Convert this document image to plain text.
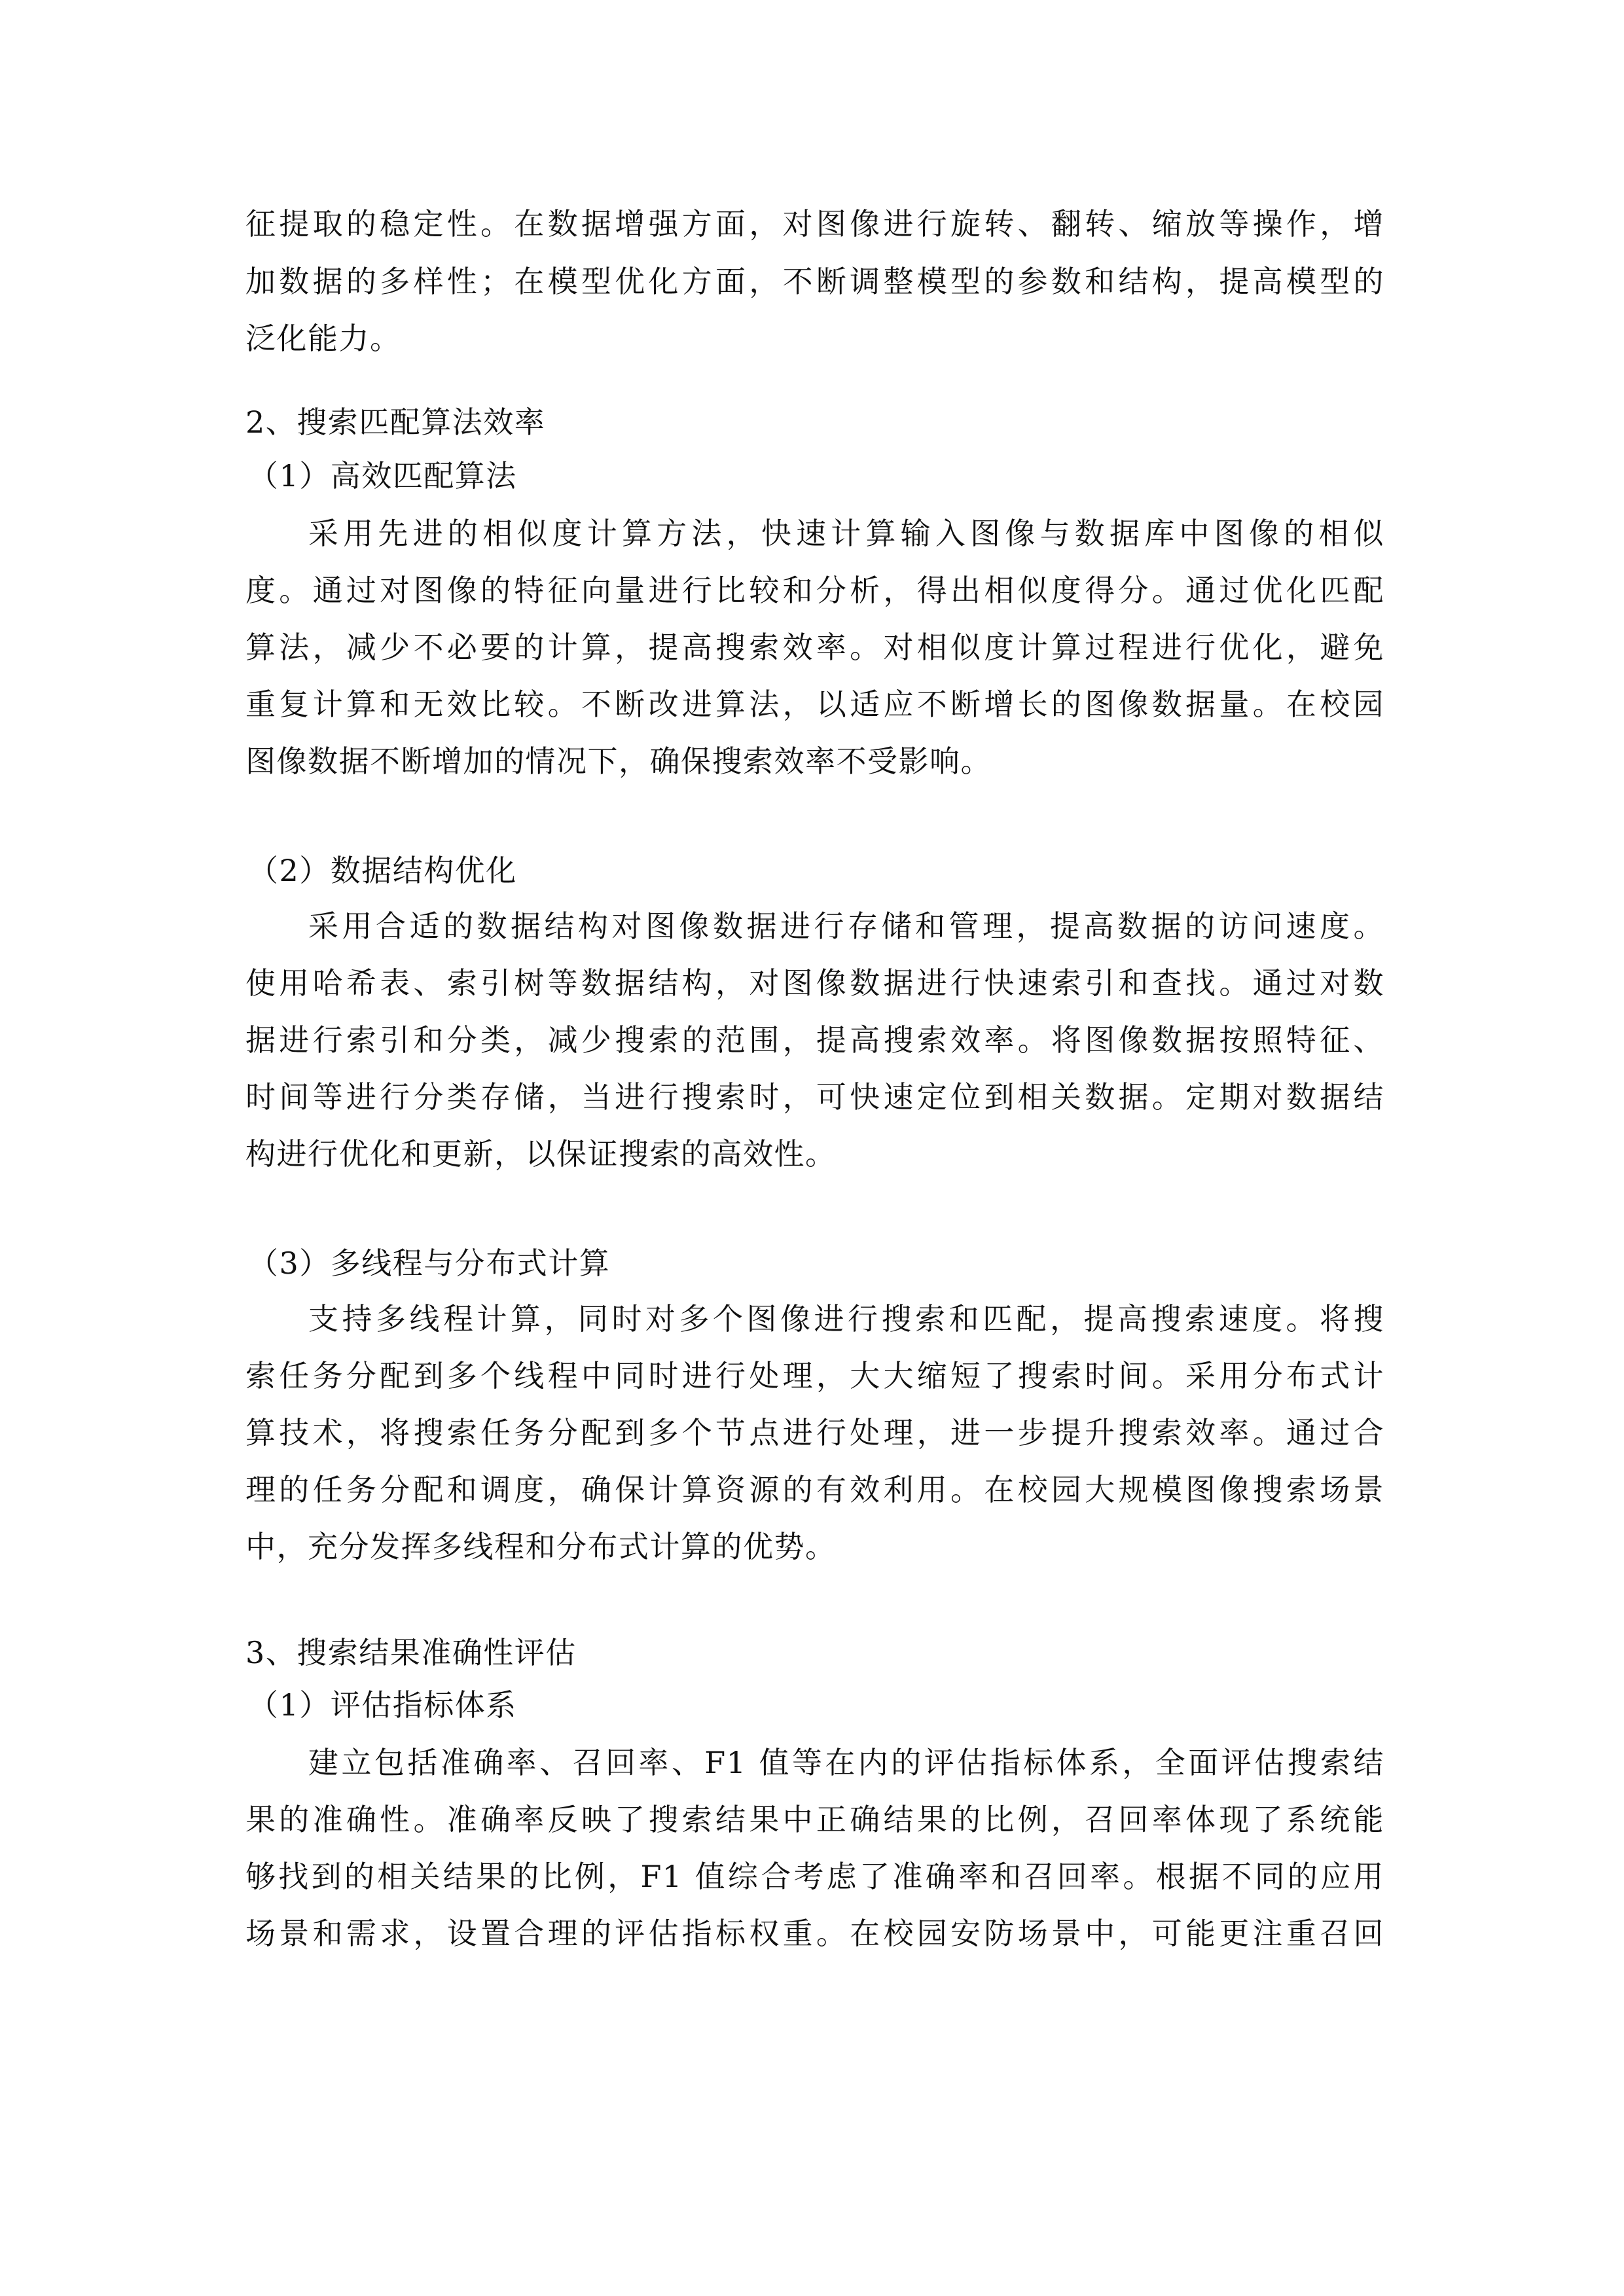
征提取的稳定性。在数据增强方面，对图像进行旋转、翻转、缩放等操作，增
加数据的多样性；在模型优化方面，不断调整模型的参数和结构，提高模型的
泛化能力。
2、搜索匹配算法效率
（1）高效匹配算法
采用先进的相似度计算方法，快速计算输入图像与数据库中图像的相似
度。通过对图像的特征向量进行比较和分析，得出相似度得分。通过优化匹配
算法，减少不必要的计算，提高搜索效率。对相似度计算过程进行优化，避免
重复计算和无效比较。不断改进算法，以适应不断增长的图像数据量。在校园
图像数据不断增加的情况下，确保搜索效率不受影响。
（2）数据结构优化
采用合适的数据结构对图像数据进行存储和管理，提高数据的访问速度。
使用哈希表、索引树等数据结构，对图像数据进行快速索引和查找。通过对数
据进行索引和分类，减少搜索的范围，提高搜索效率。将图像数据按照特征、
时间等进行分类存储，当进行搜索时，可快速定位到相关数据。定期对数据结
构进行优化和更新，以保证搜索的高效性。
（3）多线程与分布式计算
支持多线程计算，同时对多个图像进行搜索和匹配，提高搜索速度。将搜
索任务分配到多个线程中同时进行处理，大大缩短了搜索时间。采用分布式计
算技术，将搜索任务分配到多个节点进行处理，进一步提升搜索效率。通过合
理的任务分配和调度，确保计算资源的有效利用。在校园大规模图像搜索场景
中，充分发挥多线程和分布式计算的优势。
3、搜索结果准确性评估
（1）评估指标体系
建立包括准确率、召回率、F1 值等在内的评估指标体系，全面评估搜索结
果的准确性。准确率反映了搜索结果中正确结果的比例，召回率体现了系统能
够找到的相关结果的比例，F1 值综合考虑了准确率和召回率。根据不同的应用
场景和需求，设置合理的评估指标权重。在校园安防场景中，可能更注重召回
